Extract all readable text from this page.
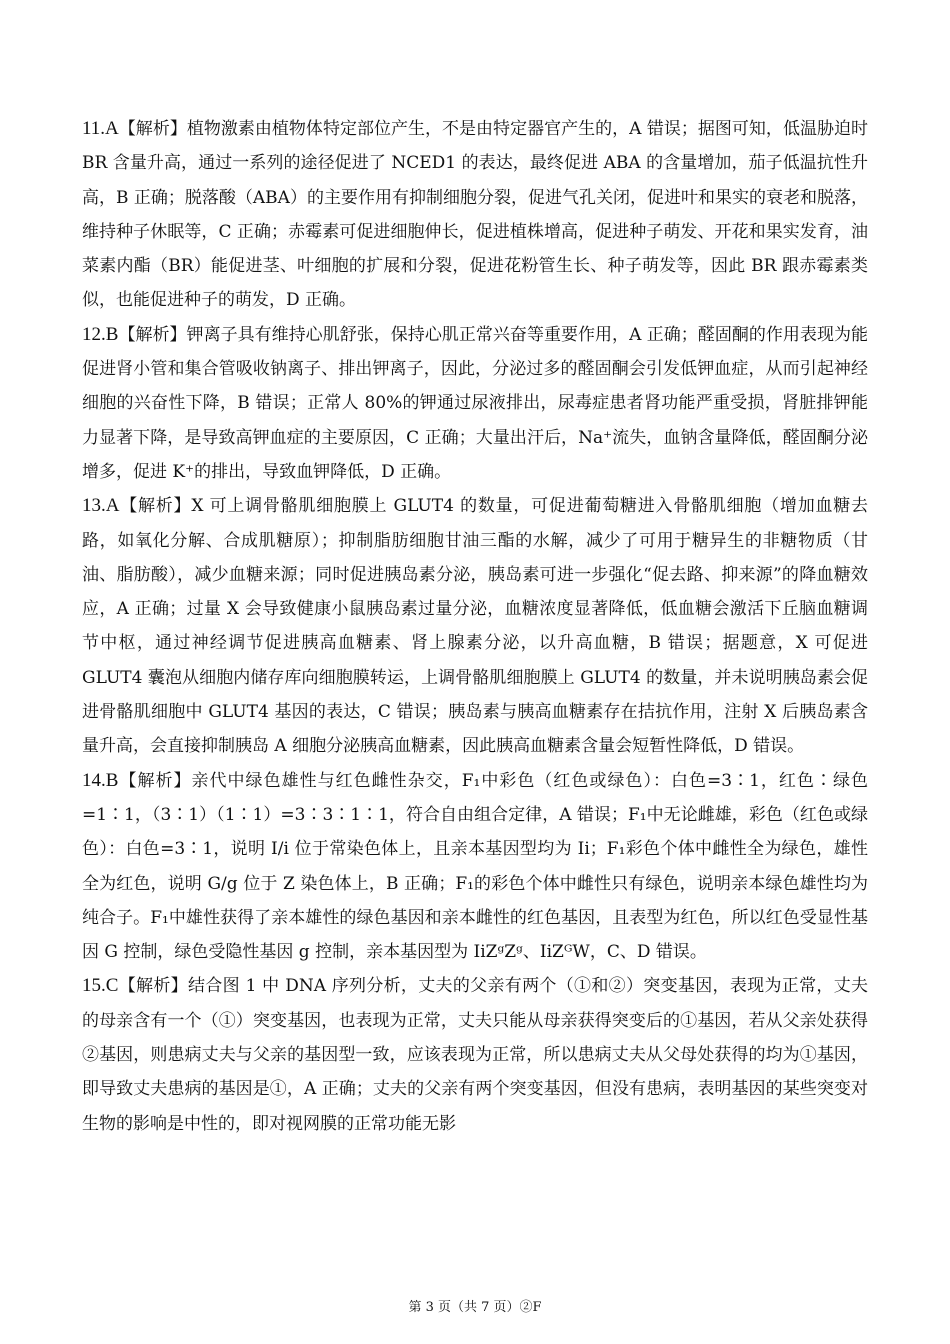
11.A【解析】植物激素由植物体特定部位产生，不是由特定器官产生的，A 错误；据图可知，低温胁迫时 BR 含量升高，通过一系列的途径促进了 NCED1 的表达，最终促进 ABA 的含量增加，茄子低温抗性升高，B 正确；脱落酸（ABA）的主要作用有抑制细胞分裂，促进气孔关闭，促进叶和果实的衰老和脱落，维持种子休眠等，C 正确；赤霉素可促进细胞伸长，促进植株增高，促进种子萌发、开花和果实发育，油菜素内酯（BR）能促进茎、叶细胞的扩展和分裂，促进花粉管生长、种子萌发等，因此 BR 跟赤霉素类似，也能促进种子的萌发，D 正确。

12.B【解析】钾离子具有维持心肌舒张，保持心肌正常兴奋等重要作用，A 正确；醛固酮的作用表现为能促进肾小管和集合管吸收钠离子、排出钾离子，因此，分泌过多的醛固酮会引发低钾血症，从而引起神经细胞的兴奋性下降，B 错误；正常人 80%的钾通过尿液排出，尿毒症患者肾功能严重受损，肾脏排钾能力显著下降，是导致高钾血症的主要原因，C 正确；大量出汗后，Na⁺流失，血钠含量降低，醛固酮分泌增多，促进 K⁺的排出，导致血钾降低，D 正确。

13.A【解析】X 可上调骨骼肌细胞膜上 GLUT4 的数量，可促进葡萄糖进入骨骼肌细胞（增加血糖去路，如氧化分解、合成肌糖原）；抑制脂肪细胞甘油三酯的水解，减少了可用于糖异生的非糖物质（甘油、脂肪酸），减少血糖来源；同时促进胰岛素分泌，胰岛素可进一步强化“促去路、抑来源”的降血糖效应，A 正确；过量 X 会导致健康小鼠胰岛素过量分泌，血糖浓度显著降低，低血糖会激活下丘脑血糖调节中枢，通过神经调节促进胰高血糖素、肾上腺素分泌，以升高血糖，B 错误；据题意，X 可促进 GLUT4 囊泡从细胞内储存库向细胞膜转运，上调骨骼肌细胞膜上 GLUT4 的数量，并未说明胰岛素会促进骨骼肌细胞中 GLUT4 基因的表达，C 错误；胰岛素与胰高血糖素存在拮抗作用，注射 X 后胰岛素含量升高，会直接抑制胰岛 A 细胞分泌胰高血糖素，因此胰高血糖素含量会短暂性降低，D 错误。

14.B【解析】亲代中绿色雄性与红色雌性杂交，F₁中彩色（红色或绿色）：白色=3∶1，红色∶绿色=1∶1，（3∶1）（1∶1）=3∶3∶1∶1，符合自由组合定律，A 错误；F₁中无论雌雄，彩色（红色或绿色）：白色=3∶1，说明 I/i 位于常染色体上，且亲本基因型均为 Ii；F₁彩色个体中雌性全为绿色，雄性全为红色，说明 G/g 位于 Z 染色体上，B 正确；F₁的彩色个体中雌性只有绿色，说明亲本绿色雄性均为纯合子。F₁中雄性获得了亲本雄性的绿色基因和亲本雌性的红色基因，且表型为红色，所以红色受显性基因 G 控制，绿色受隐性基因 g 控制，亲本基因型为 IiZᵍZᵍ、IiZᴳW，C、D 错误。

15.C【解析】结合图 1 中 DNA 序列分析，丈夫的父亲有两个（①和②）突变基因，表现为正常，丈夫的母亲含有一个（①）突变基因，也表现为正常，丈夫只能从母亲获得突变后的①基因，若从父亲处获得②基因，则患病丈夫与父亲的基因型一致，应该表现为正常，所以患病丈夫从父母处获得的均为①基因，即导致丈夫患病的基因是①，A 正确；丈夫的父亲有两个突变基因，但没有患病，表明基因的某些突变对生物的影响是中性的，即对视网膜的正常功能无影

第 3 页（共 7 页）②F
